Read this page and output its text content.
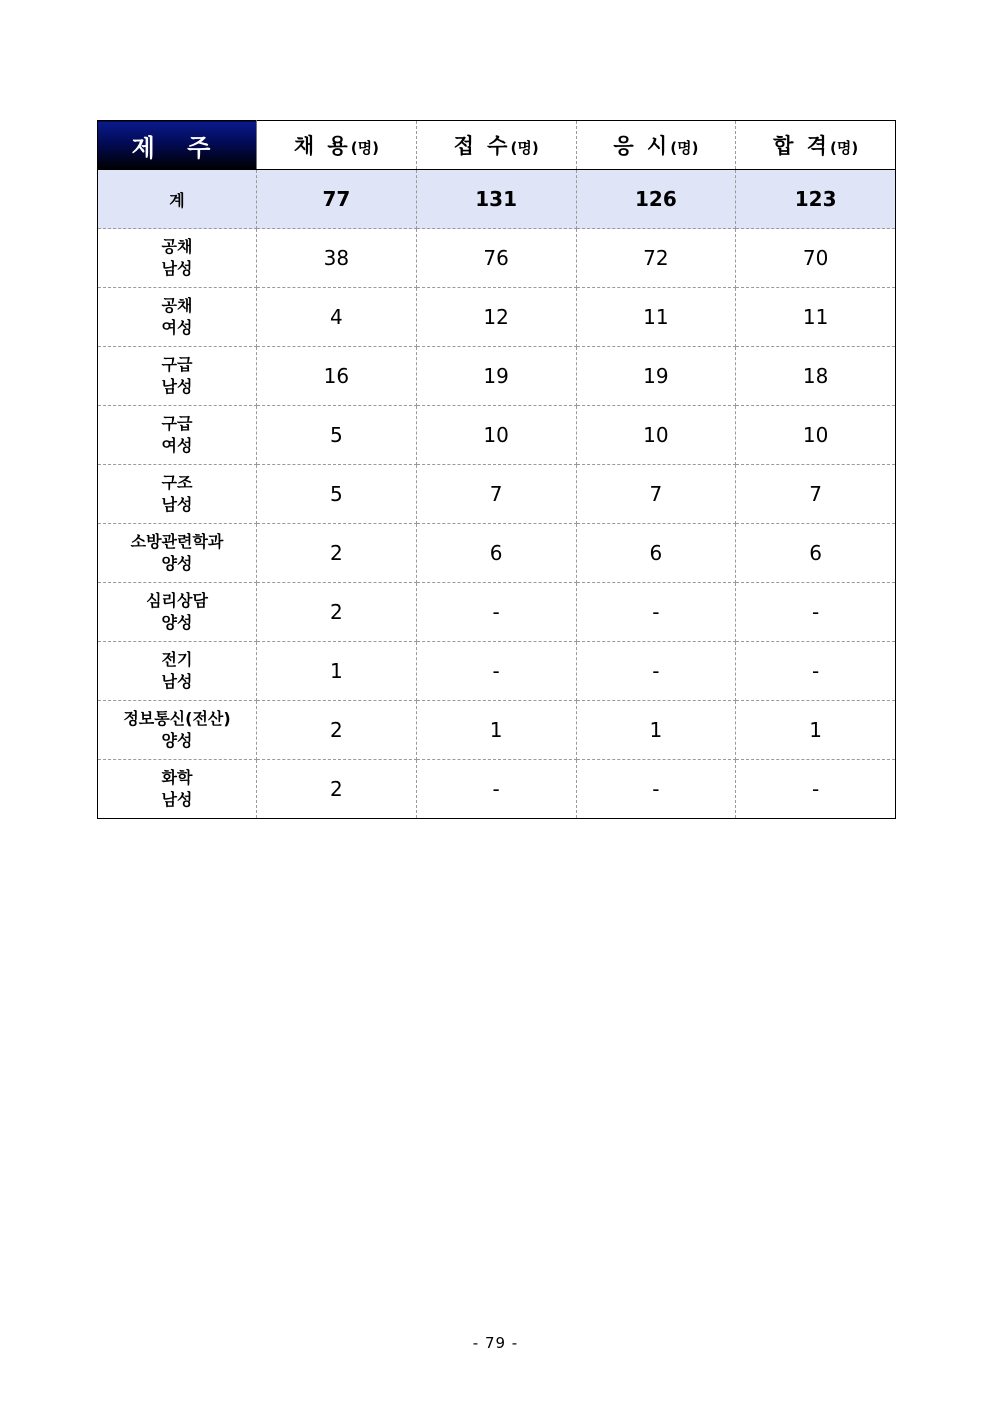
제 주	채 용(명)	접 수(명)	응 시(명)	합 격(명)
계	77	131	126	123

공채
남성	38	76	72	70

공채
여성	4	12	11	11

구급
남성	16	19	19	18

구급
여성	5	10	10	10

구조
남성	5	7	7	7

소방관련학과
양성	2	6	6	6

심리상담
양성	2	-	-	-

전기
남성	1	-	-	-

정보통신(전산)
양성	2	1	1	1

화학
남성	2	-	-	-
- 79 -
